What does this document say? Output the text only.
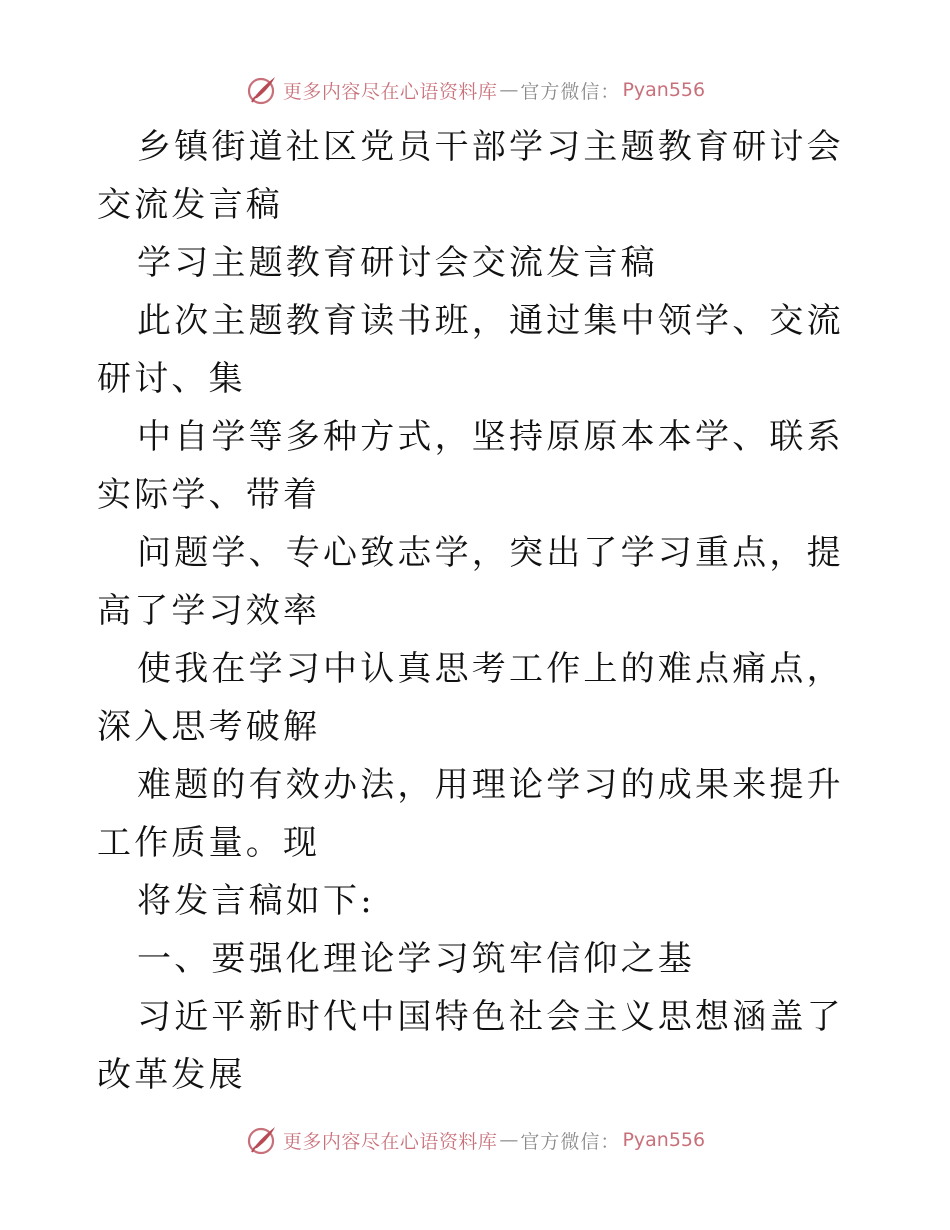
更多内容尽在心语资料库 — 官方微信： Pyan556

乡镇街道社区党员干部学习主题教育研讨会交流发言稿

学习主题教育研讨会交流发言稿

此次主题教育读书班，通过集中领学、交流研讨、集

中自学等多种方式，坚持原原本本学、联系实际学、带着

问题学、专心致志学，突出了学习重点，提高了学习效率

使我在学习中认真思考工作上的难点痛点，深入思考破解

难题的有效办法，用理论学习的成果来提升工作质量。现

将发言稿如下:

一、要强化理论学习筑牢信仰之基

习近平新时代中国特色社会主义思想涵盖了改革发展

更多内容尽在心语资料库 — 官方微信： Pyan556
